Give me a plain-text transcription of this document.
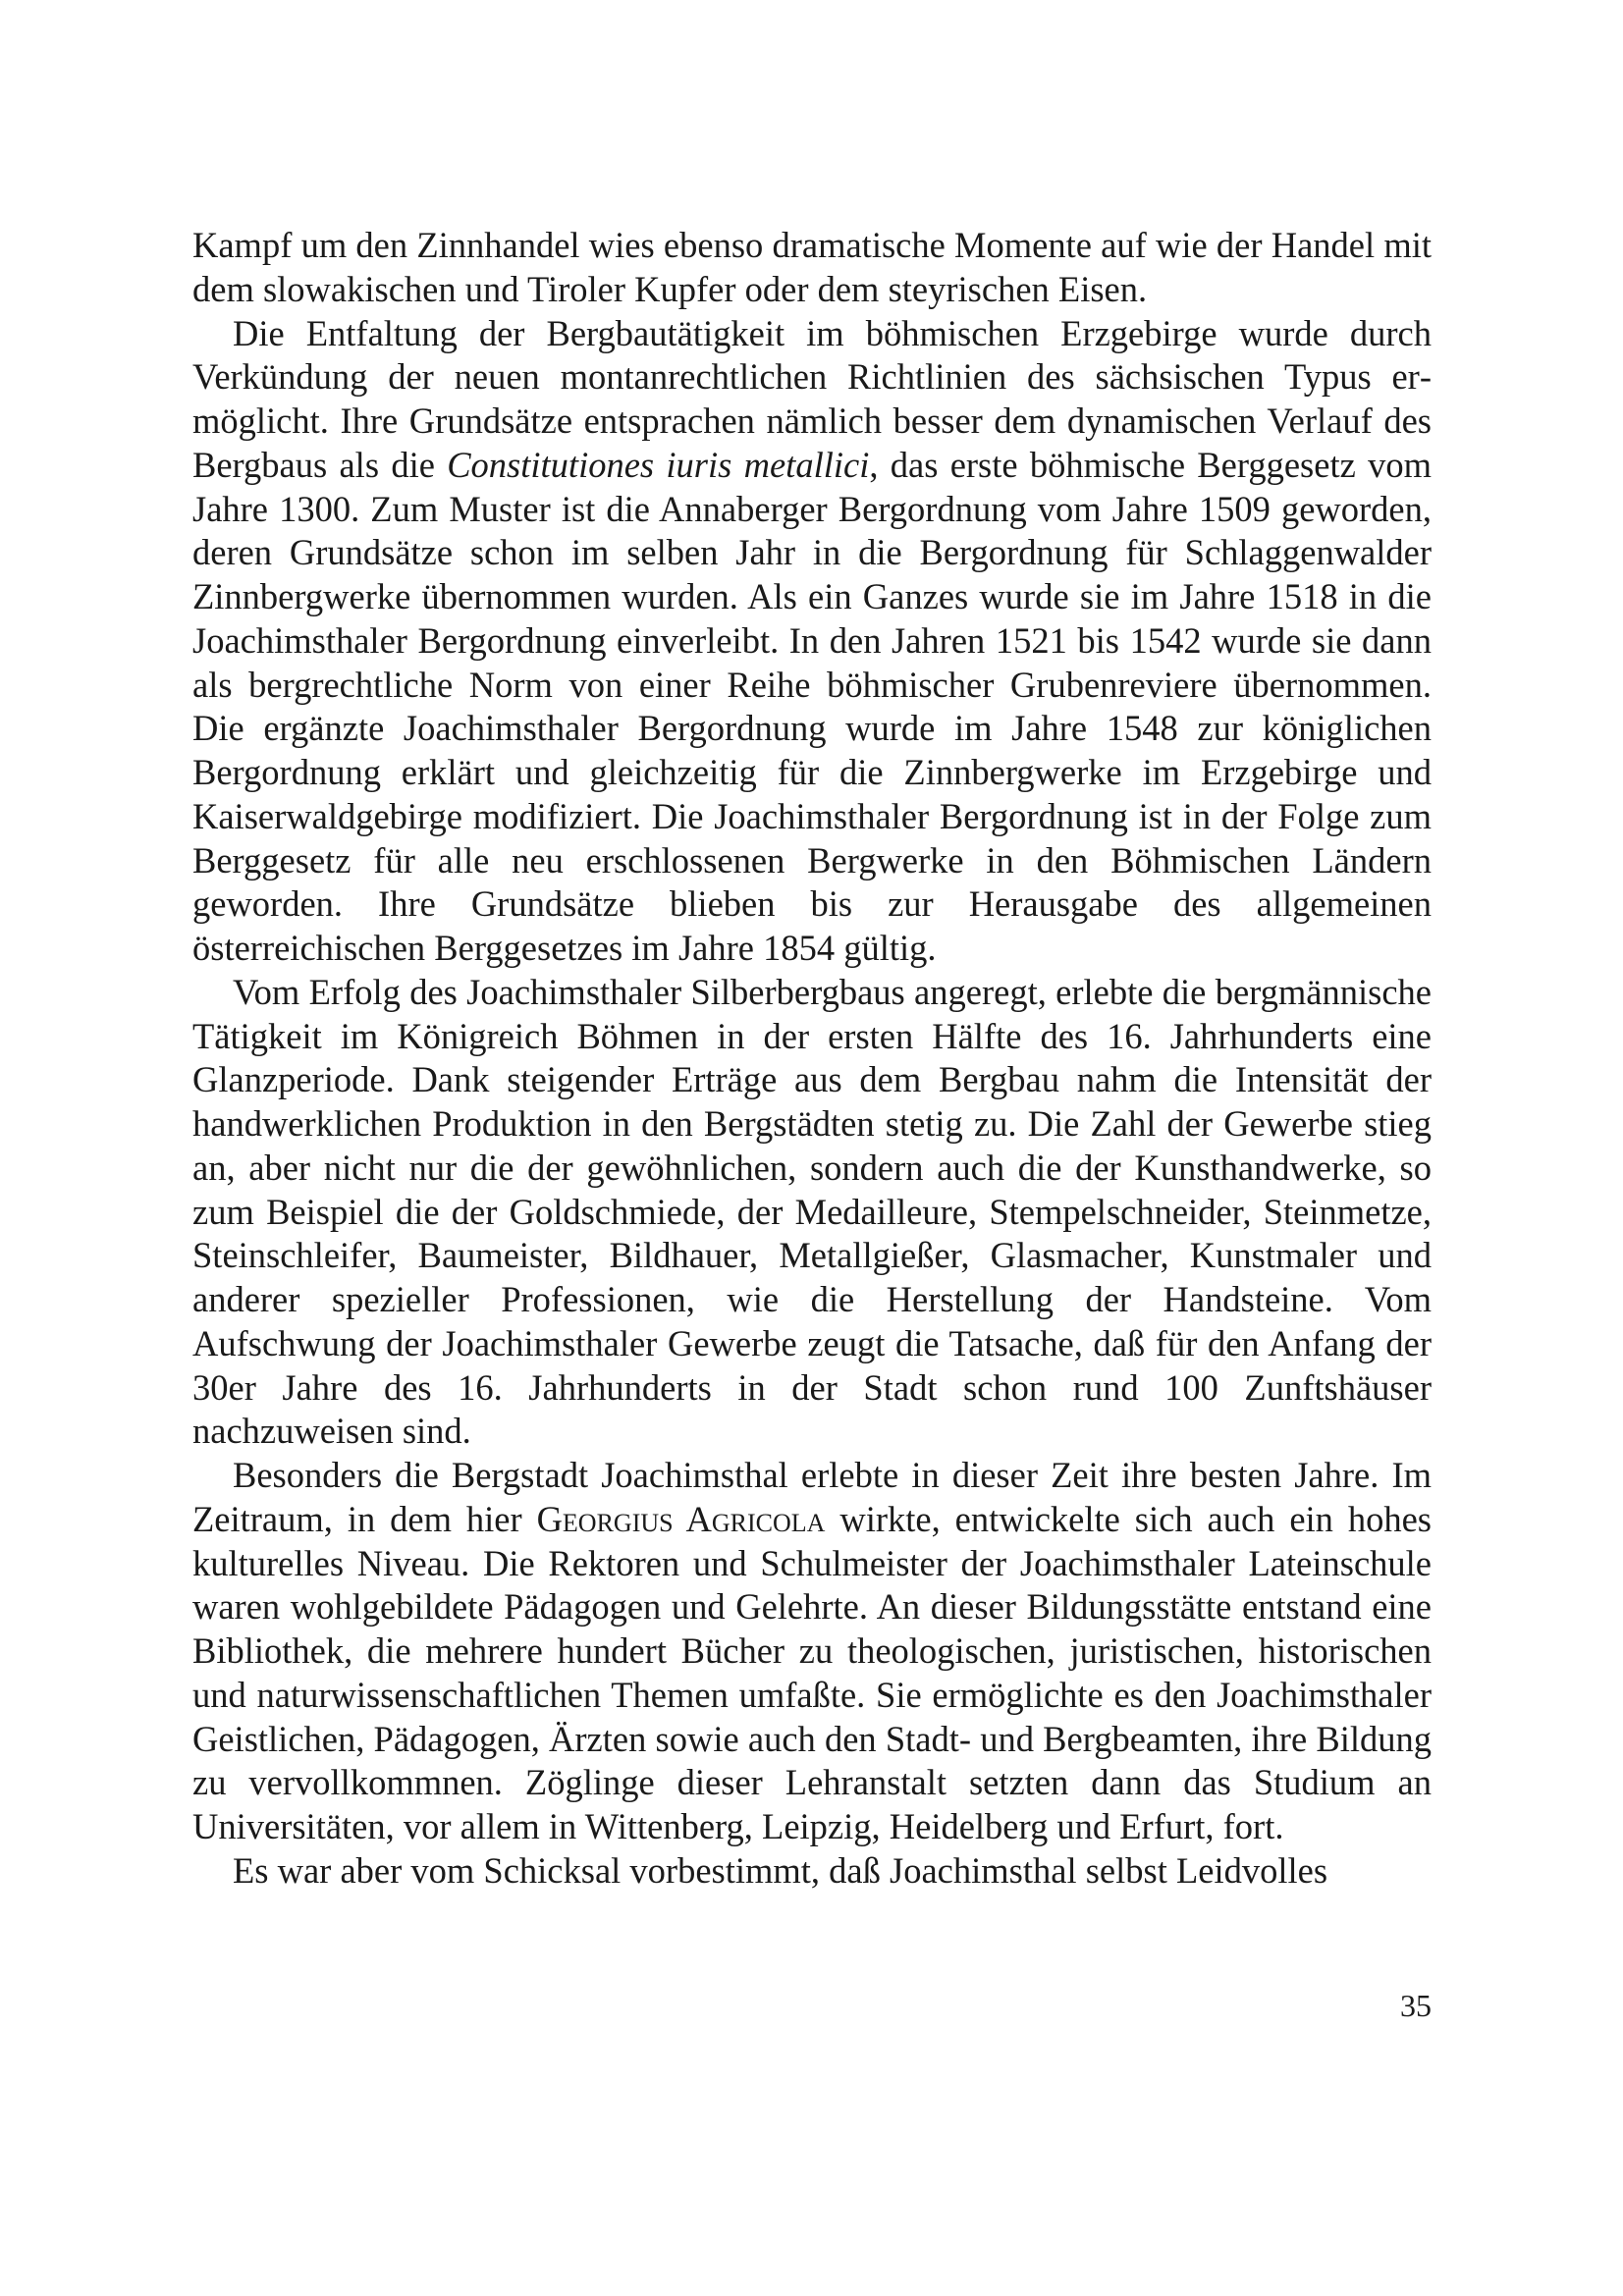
Kampf um den Zinnhandel wies ebenso dramatische Momente auf wie der Handel mit dem slowakischen und Tiroler Kupfer oder dem steyrischen Eisen.

Die Entfaltung der Bergbautätigkeit im böhmischen Erzgebirge wurde durch Verkündung der neuen montanrechtlichen Richtlinien des sächsischen Typus ermöglicht. Ihre Grundsätze entsprachen nämlich besser dem dynamischen Verlauf des Bergbaus als die Constitutiones iuris metallici, das erste böhmische Berggesetz vom Jahre 1300. Zum Muster ist die Annaberger Bergordnung vom Jahre 1509 geworden, deren Grundsätze schon im selben Jahr in die Bergordnung für Schlaggenwalder Zinnbergwerke übernommen wurden. Als ein Ganzes wurde sie im Jahre 1518 in die Joachimsthaler Bergordnung einverleibt. In den Jahren 1521 bis 1542 wurde sie dann als bergrechtliche Norm von einer Reihe böhmischer Grubenreviere übernommen. Die ergänzte Joachimsthaler Bergordnung wurde im Jahre 1548 zur königlichen Bergordnung erklärt und gleichzeitig für die Zinnbergwerke im Erzgebirge und Kaiserwaldgebirge modifiziert. Die Joachimsthaler Bergordnung ist in der Folge zum Berggesetz für alle neu erschlossenen Bergwerke in den Böhmischen Ländern geworden. Ihre Grundsätze blieben bis zur Herausgabe des allgemeinen österreichischen Berggesetzes im Jahre 1854 gültig.

Vom Erfolg des Joachimsthaler Silberbergbaus angeregt, erlebte die bergmännische Tätigkeit im Königreich Böhmen in der ersten Hälfte des 16. Jahrhunderts eine Glanzperiode. Dank steigender Erträge aus dem Bergbau nahm die Intensität der handwerklichen Produktion in den Bergstädten stetig zu. Die Zahl der Gewerbe stieg an, aber nicht nur die der gewöhnlichen, sondern auch die der Kunsthandwerke, so zum Beispiel die der Goldschmiede, der Medailleure, Stempelschneider, Steinmetze, Steinschleifer, Baumeister, Bildhauer, Metallgießer, Glasmacher, Kunstmaler und anderer spezieller Professionen, wie die Herstellung der Handsteine. Vom Aufschwung der Joachimsthaler Gewerbe zeugt die Tatsache, daß für den Anfang der 30er Jahre des 16. Jahrhunderts in der Stadt schon rund 100 Zunftshäuser nachzuweisen sind.

Besonders die Bergstadt Joachimsthal erlebte in dieser Zeit ihre besten Jahre. Im Zeitraum, in dem hier Georgius Agricola wirkte, entwickelte sich auch ein hohes kulturelles Niveau. Die Rektoren und Schulmeister der Joachimsthaler Lateinschule waren wohlgebildete Pädagogen und Gelehrte. An dieser Bildungsstätte entstand eine Bibliothek, die mehrere hundert Bücher zu theologischen, juristischen, historischen und naturwissenschaftlichen Themen umfaßte. Sie ermöglichte es den Joachimsthaler Geistlichen, Pädagogen, Ärzten sowie auch den Stadt- und Bergbeamten, ihre Bildung zu vervollkommnen. Zöglinge dieser Lehranstalt setzten dann das Studium an Universitäten, vor allem in Wittenberg, Leipzig, Heidelberg und Erfurt, fort.

Es war aber vom Schicksal vorbestimmt, daß Joachimsthal selbst Leidvolles

35
